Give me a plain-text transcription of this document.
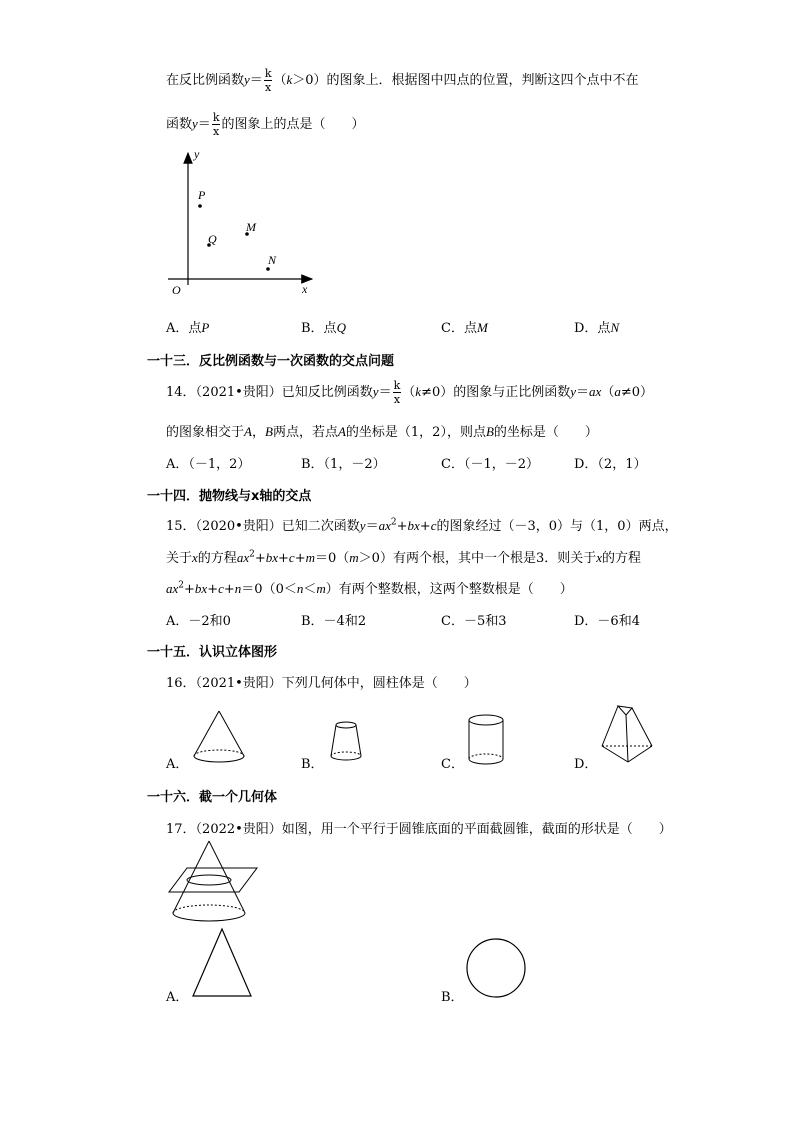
在反比例函数$y= \frac{k}{x} (k>0)$的图象上．根据图中四点的位置，判断这四个点中不在
函数$y= \frac{k}{x}$ 的图象上的点是（　　）
y
x
O
P
Q
M
N
A．点P	B．点Q	C．点M	D．点N
一十三．反比例函数与一次函数的交点问题
14．（2021•贵阳）已知反比例函数$y= \frac{k}{x} (k\ne 0)$的图象与正比例函数y＝ax（a≠0）
的图象相交于A，B两点，若点A的坐标是（1，2），则点B的坐标是（　　）
A．（－1，2）	B．（1，－2）	C．（－1，－2）	D．（2，1）
一十四．抛物线与x轴的交点
15．（2020•贵阳）已知二次函数$y=ax^2+bx+c$的图象经过（－3，0）与（1，0）两点，
关于x的方程$ax^2+bx+c+m=0(m>0)$有两个根，其中一个根是3．则关于x的方程
$ax^2+bx+c+n=0(0<n<m)$有两个整数根，这两个整数根是（　　）
A．－2和0	B．－4和2	C．－5和3	D．－6和4
一十五．认识立体图形
16．（2021•贵阳）下列几何体中，圆柱体是（　　）
A．	B．	C．	D．
一十六．截一个几何体
17．（2022•贵阳）如图，用一个平行于圆锥底面的平面截圆锥，截面的形状是（　　）
A．	B．
